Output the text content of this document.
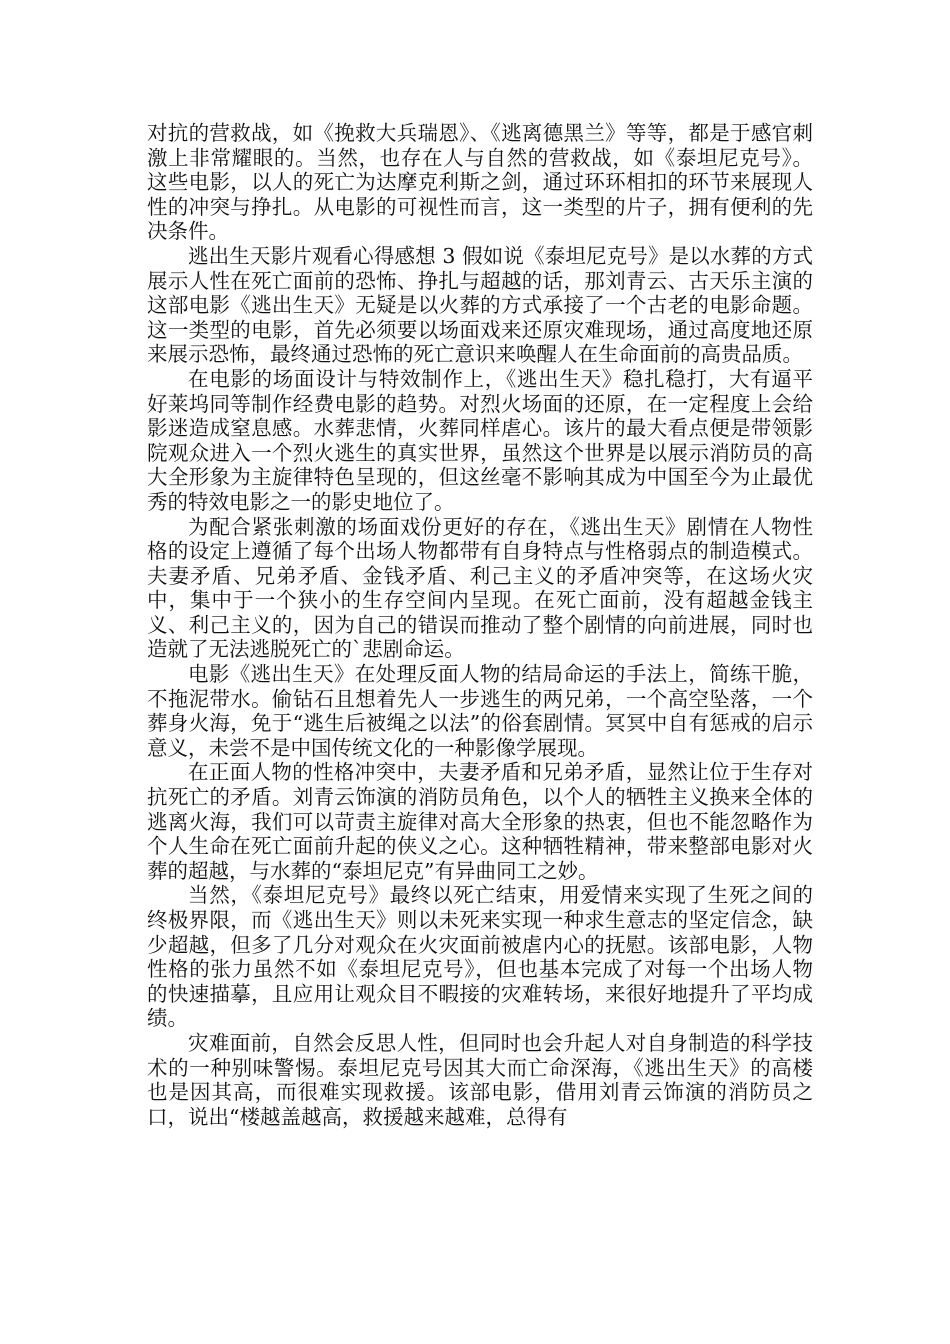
对抗的营救战，如《挽救大兵瑞恩》、《逃离德黑兰》等等，都是于感官刺激上非常耀眼的。当然，也存在人与自然的营救战，如《泰坦尼克号》。这些电影，以人的死亡为达摩克利斯之剑，通过环环相扣的环节来展现人性的冲突与挣扎。从电影的可视性而言，这一类型的片子，拥有便利的先决条件。

逃出生天影片观看心得感想 3 假如说《泰坦尼克号》是以水葬的方式展示人性在死亡面前的恐怖、挣扎与超越的话，那刘青云、古天乐主演的这部电影《逃出生天》无疑是以火葬的方式承接了一个古老的电影命题。这一类型的电影，首先必须要以场面戏来还原灾难现场，通过高度地还原来展示恐怖，最终通过恐怖的死亡意识来唤醒人在生命面前的高贵品质。

在电影的场面设计与特效制作上，《逃出生天》稳扎稳打，大有逼平好莱坞同等制作经费电影的趋势。对烈火场面的还原，在一定程度上会给影迷造成窒息感。水葬悲情，火葬同样虐心。该片的最大看点便是带领影院观众进入一个烈火逃生的真实世界，虽然这个世界是以展示消防员的高大全形象为主旋律特色呈现的，但这丝毫不影响其成为中国至今为止最优秀的特效电影之一的影史地位了。

为配合紧张刺激的场面戏份更好的存在，《逃出生天》剧情在人物性格的设定上遵循了每个出场人物都带有自身特点与性格弱点的制造模式。夫妻矛盾、兄弟矛盾、金钱矛盾、利己主义的矛盾冲突等，在这场火灾中，集中于一个狭小的生存空间内呈现。在死亡面前，没有超越金钱主义、利己主义的，因为自己的错误而推动了整个剧情的向前进展，同时也造就了无法逃脱死亡的`悲剧命运。

电影《逃出生天》在处理反面人物的结局命运的手法上，简练干脆，不拖泥带水。偷钻石且想着先人一步逃生的两兄弟，一个高空坠落，一个葬身火海，免于“逃生后被绳之以法”的俗套剧情。冥冥中自有惩戒的启示意义，未尝不是中国传统文化的一种影像学展现。

在正面人物的性格冲突中，夫妻矛盾和兄弟矛盾，显然让位于生存对抗死亡的矛盾。刘青云饰演的消防员角色，以个人的牺牲主义换来全体的逃离火海，我们可以苛责主旋律对高大全形象的热衷，但也不能忽略作为个人生命在死亡面前升起的侠义之心。这种牺牲精神，带来整部电影对火葬的超越，与水葬的“泰坦尼克”有异曲同工之妙。

当然，《泰坦尼克号》最终以死亡结束，用爱情来实现了生死之间的终极界限，而《逃出生天》则以未死来实现一种求生意志的坚定信念，缺少超越，但多了几分对观众在火灾面前被虐内心的抚慰。该部电影，人物性格的张力虽然不如《泰坦尼克号》，但也基本完成了对每一个出场人物的快速描摹，且应用让观众目不暇接的灾难转场，来很好地提升了平均成绩。

灾难面前，自然会反思人性，但同时也会升起人对自身制造的科学技术的一种别味警惕。泰坦尼克号因其大而亡命深海，《逃出生天》的高楼也是因其高，而很难实现救援。该部电影，借用刘青云饰演的消防员之口，说出“楼越盖越高，救援越来越难，总得有
